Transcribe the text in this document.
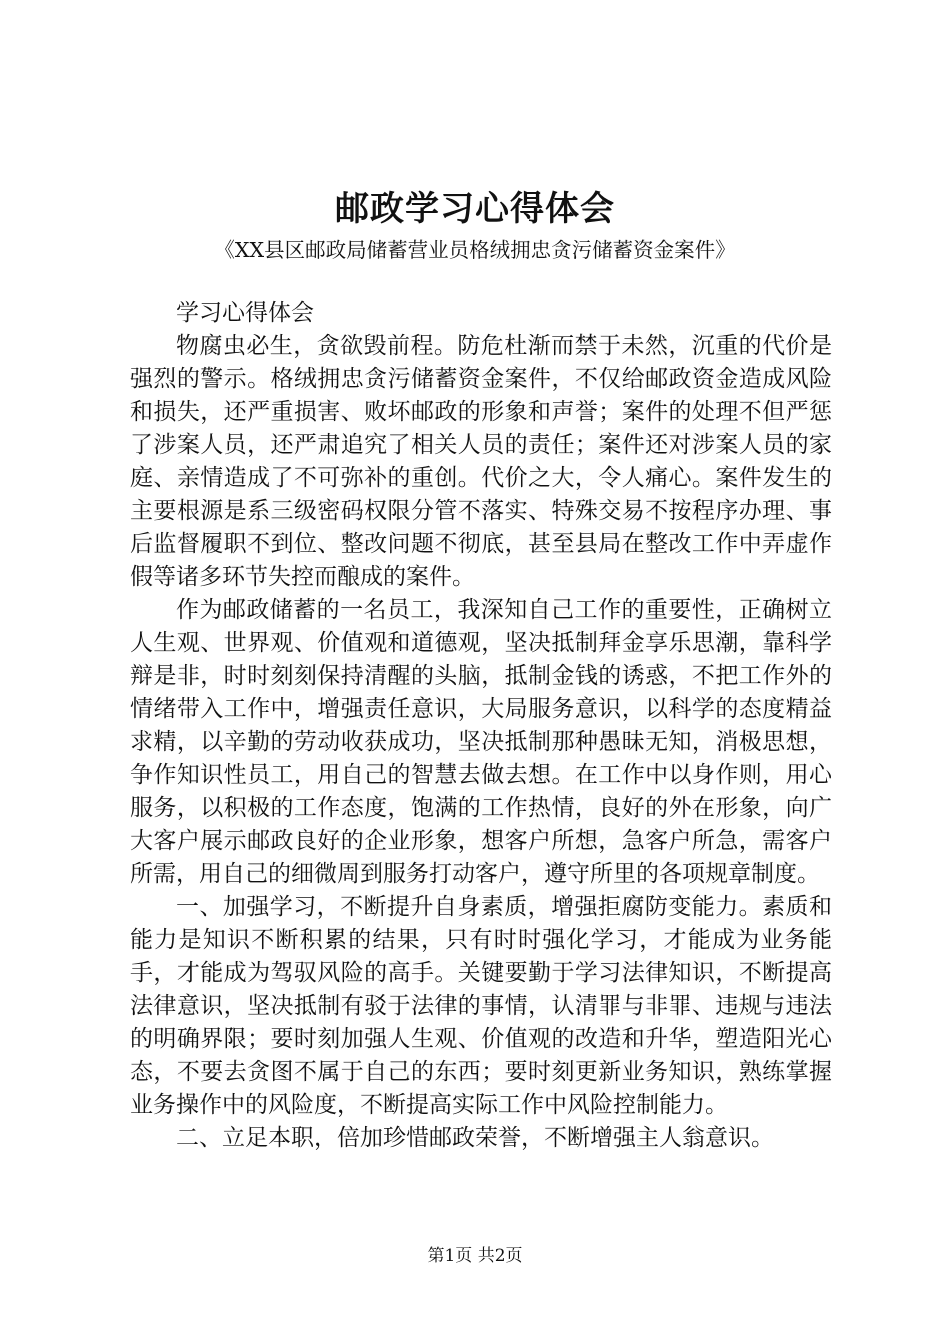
邮政学习心得体会
《XX县区邮政局储蓄营业员格绒拥忠贪污储蓄资金案件》

学习心得体会

物腐虫必生，贪欲毁前程。防危杜渐而禁于未然，沉重的代价是强烈的警示。格绒拥忠贪污储蓄资金案件，不仅给邮政资金造成风险和损失，还严重损害、败坏邮政的形象和声誉；案件的处理不但严惩了涉案人员，还严肃追究了相关人员的责任；案件还对涉案人员的家庭、亲情造成了不可弥补的重创。代价之大，令人痛心。案件发生的主要根源是系三级密码权限分管不落实、特殊交易不按程序办理、事后监督履职不到位、整改问题不彻底，甚至县局在整改工作中弄虚作假等诸多环节失控而酿成的案件。

作为邮政储蓄的一名员工，我深知自己工作的重要性，正确树立人生观、世界观、价值观和道德观，坚决抵制拜金享乐思潮，靠科学辩是非，时时刻刻保持清醒的头脑，抵制金钱的诱惑，不把工作外的情绪带入工作中，增强责任意识，大局服务意识，以科学的态度精益求精，以辛勤的劳动收获成功，坚决抵制那种愚昧无知，消极思想，争作知识性员工，用自己的智慧去做去想。在工作中以身作则，用心服务，以积极的工作态度，饱满的工作热情，良好的外在形象，向广大客户展示邮政良好的企业形象，想客户所想，急客户所急，需客户所需，用自己的细微周到服务打动客户，遵守所里的各项规章制度。

一、加强学习，不断提升自身素质，增强拒腐防变能力。素质和能力是知识不断积累的结果，只有时时强化学习，才能成为业务能手，才能成为驾驭风险的高手。关键要勤于学习法律知识，不断提高法律意识，坚决抵制有驳于法律的事情，认清罪与非罪、违规与违法的明确界限；要时刻加强人生观、价值观的改造和升华，塑造阳光心态，不要去贪图不属于自己的东西；要时刻更新业务知识，熟练掌握业务操作中的风险度，不断提高实际工作中风险控制能力。

二、立足本职，倍加珍惜邮政荣誉，不断增强主人翁意识。

第1页 共2页
